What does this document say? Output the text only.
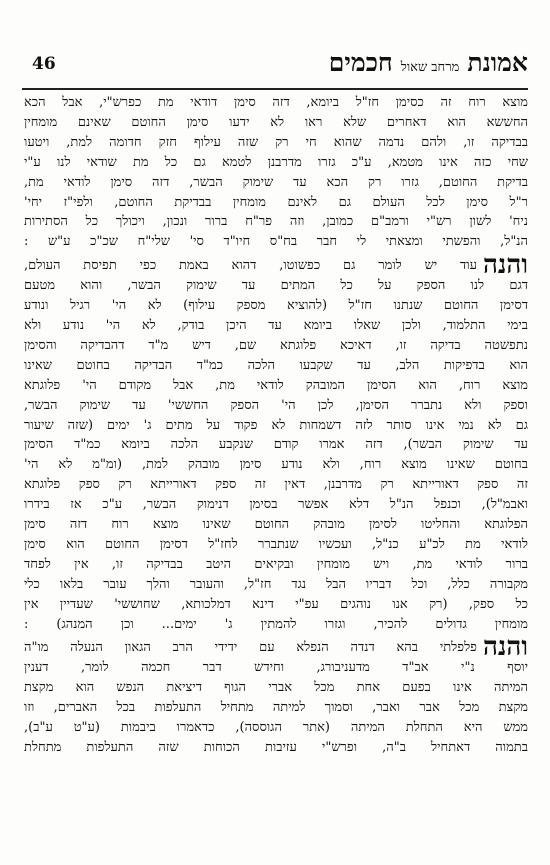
אמונת
מרחב שאול
חכמים
46
מוצא רוח זה כסימן חז"ל ביומא, דזה סימן דודאי מת כפרש"י, אבל הכא
החששא הוא דאחרים שלא ראו לא ידעו סימן החוטם שאינם מומחין
בבדיקה זו, ולהם נדמה שהוא חי רק שזה עילוף חזק חדומה למת, ויטעו
שחי כזה אינו מטמא, ע"כ גזרו מדרבנן לטמא גם כל מת שודאי לנו ע"י
בדיקת החוטם, גזרו רק הכא עד שימוק הבשר, דזה סימן לודאי מת,
ר"ל סימן לכל העולם גם לאינם מומחין בבדיקת החוטם, ולפי"ז יחי'
ניח' לשון רש"י ורמב"ם כמובן, וזה פר"ח ברור ונכון, ויכולך כל הסתירות
הנ"ל, והפשתי ומצאתי לי חבר בח"ס חיו"ד סי' שלי"ח שכ"כ ע"ש :
והנהעוד יש לומר גם כפשוטו, דהוא באמת כפי תפיסת העולם,
דגם לנו הספק על כל המתים עד שימוק הבשר, והוא מטעם
דסימן החוטם שנתנו חז"ל (להוציא מספק עילוף) לא הי' רגיל ונודע
בימי התלמוד, ולכן שאלו ביומא עד היכן בודק, לא הי' נודע ולא
נתפשטה בדיקה זו, דאיכא פלוגתא שם, דיש מ"ד דהבדיקה והסימן
הוא בדפיקות הלב, עד שקבעו הלכה כמ"ד הבדיקה בחוטם שאינו
מוצא רוח, הוא הסימן המובהק לודאי מת, אבל מקודם הי' פלוגתא
וספק ולא נתברר הסימן, לכן הי' הספק החששי' עד שימוק הבשר,
גם לא נמי אינו סותר לזה דשמחות לא פקוד על מתים ג' ימים (שזה שיעור
עד שימוק הבשר), דזה אמרו קודם שנקבע הלכה ביומא כמ"ד הסימן
בחוטם שאינו מוצא רוח, ולא נודע סימן מובהק למת, (ומ"מ לא הי'
זה ספק דאורייתא רק מדרבנן, דאין זה ספק דאורייתא רק ספק פלוגתא
ואבמ"ל), וכנפל הנ"ל דלא אפשר בסימן דנימוק הבשר, ע"כ אז בידרו
הפלוגתא והחליטו לסימן מובהק החוטם שאינו מוצא רוח דזה סימן
לודאי מת לכ"ע כנ"ל, ועכשיו שנתברר לחז"ל דסימן החוטם הוא סימן
ברור לודאי מת, ויש מומחין ובקיאים היטב בבדיקה זו, אין לפחד
מקבורה כלל, וכל דבריו הבל נגד חז"ל, והעובר והלך עובר בלאו כלי
כל ספק, (רק אנו נוהגים עפ"י דינא דמלכותא, שחוששי' שעדיין אין
מומחין גדולים להכיר, וגזרו להמתין ג' ימים... וכן המנהג) :
והנהפלפלתי בהא דנדה הנפלא עם ידידי הרב הגאון הנעלה מו"ה
יוסף נ"י אב"ד מדעניבורג, וחידש דבר חכמה לומר, דענין
המיתה אינו בפעם אחת מכל אברי הגוף דיציאת הנפש הוא מקצת
מקצת מכל אבר ואבר, וסמוך למיתה מתחיל התעלפות בכל האברים, וזו
ממש היא התחלת המיתה (אתר הגוססה), כדאמרו ביבמות (ע"ט ע"ב),
בתמוה דאתחיל ב"ה, ופרש"י עזיבות הכוחות שזה התעלפות מתחלת
